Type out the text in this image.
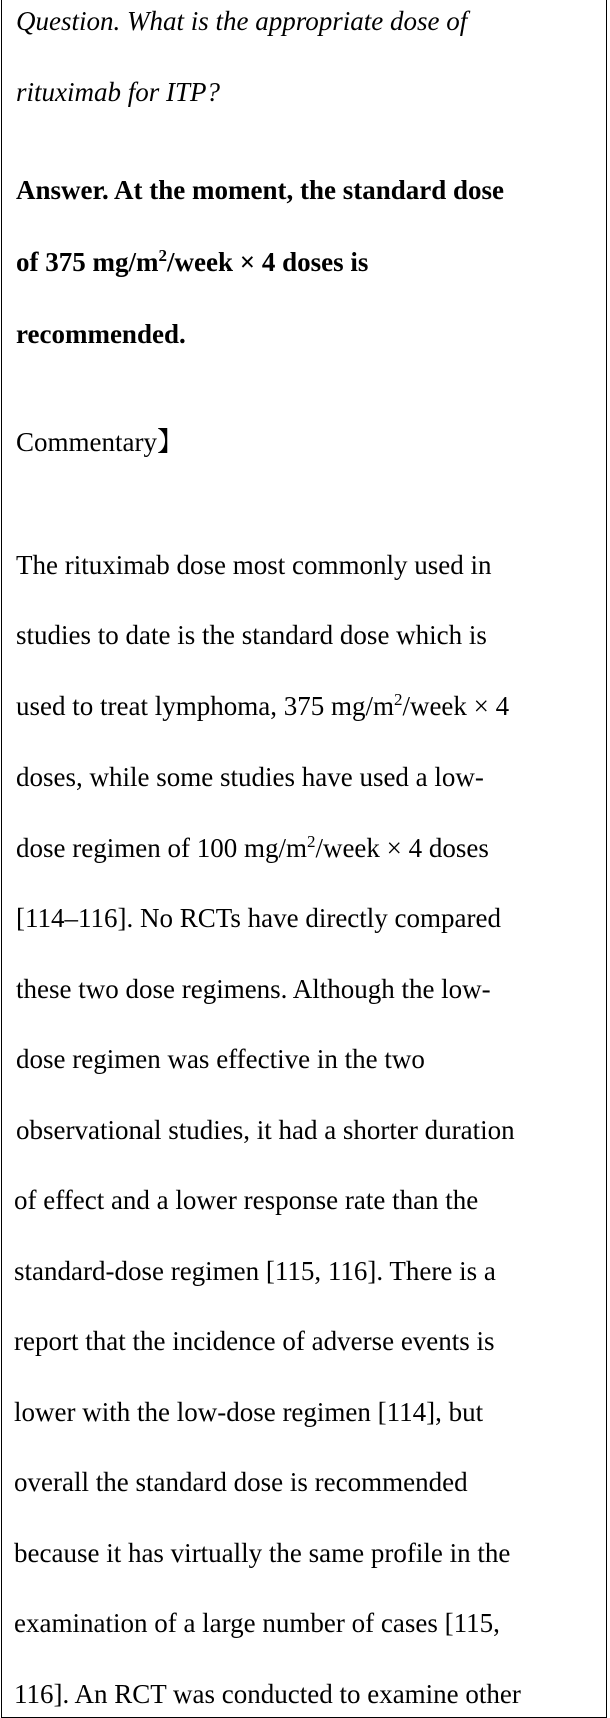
Question. What is the appropriate dose of

rituximab for ITP?

Answer. At the moment, the standard dose

of 375 $mg/m^2$/week × 4 doses is

recommended.

Commentary】

The rituximab dose most commonly used in

studies to date is the standard dose which is

used to treat lymphoma, 375 $mg/m^2$/week × 4

doses, while some studies have used a low-

dose regimen of 100 $mg/m^2$/week × 4 doses

[114–116]. No RCTs have directly compared

these two dose regimens. Although the low-

dose regimen was effective in the two

observational studies, it had a shorter duration

of effect and a lower response rate than the

standard-dose regimen [115, 116]. There is a

report that the incidence of adverse events is

lower with the low-dose regimen [114], but

overall the standard dose is recommended

because it has virtually the same profile in the

examination of a large number of cases [115,

116]. An RCT was conducted to examine other
